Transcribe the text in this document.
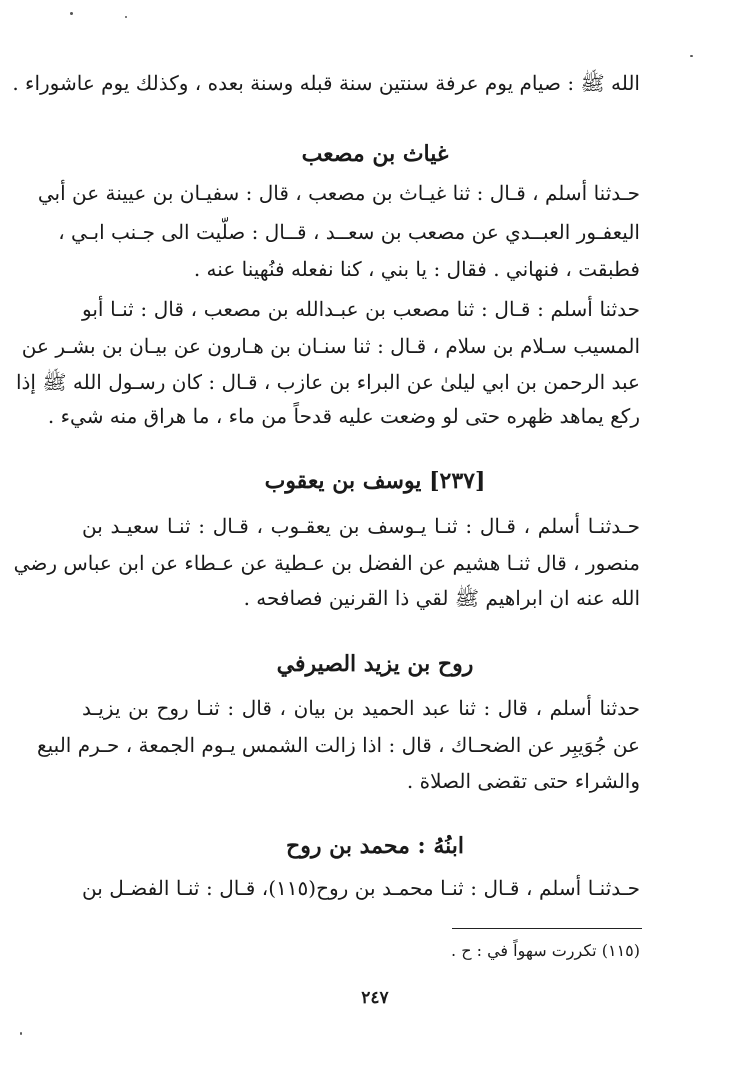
الله ﷺ : صيام يوم عرفة سنتين سنة قبله وسنة بعده ، وكذلك يوم عاشوراء .
غياث بن مصعب
حـدثنا أسلم ، قـال : ثنا غيـاث بن مصعب ، قال : سفيـان بن عيينة عن أبي
اليعفـور العبــدي عن مصعب بن سعــد ، قــال : صلّيت الى جـنب ابـي ،
فطبقت ، فنهاني . فقال : يا بني ، كنا نفعله فنُهينا عنه .
حدثنا أسلم : قـال : ثنا مصعب بن عبـدالله بن مصعب ، قال : ثنـا أبو
المسيب سـلام بن سلام ، قـال : ثنا سنـان بن هـارون عن بيـان بن بشـر عن
عبد الرحمن بن ابي ليلىٰ عن البراء بن عازب ، قـال : كان رسـول الله ﷺ إذا
ركع يماهد ظهره حتى لو وضعت عليه قدحاً من ماء ، ما هراق منه شيء .
[٢٣٧] يوسف بن يعقوب
حـدثنـا أسلم ، قـال : ثنـا يـوسف بن يعقـوب ، قـال : ثنـا سعيـد بن
منصور ، قال ثنـا هشيم عن الفضل بن عـطية عن عـطاء عن ابن عباس رضي
الله عنه ان ابراهيم ﷺ لقي ذا القرنين فصافحه .
روح بن يزيد الصيرفي
حدثنا أسلم ، قال : ثنا عبد الحميد بن بيان ، قال : ثنـا روح بن يزيـد
عن جُوَيبِر عن الضحـاك ، قال : اذا زالت الشمس يـوم الجمعة ، حـرم البيع
والشراء حتى تقضى الصلاة .
ابنُهُ : محمد بن روح
حـدثنـا أسلم ، قـال : ثنـا محمـد بن روح(١١٥)، قـال : ثنـا الفضـل بن
(١١٥) تكررت سهواً في : ح .
٢٤٧
